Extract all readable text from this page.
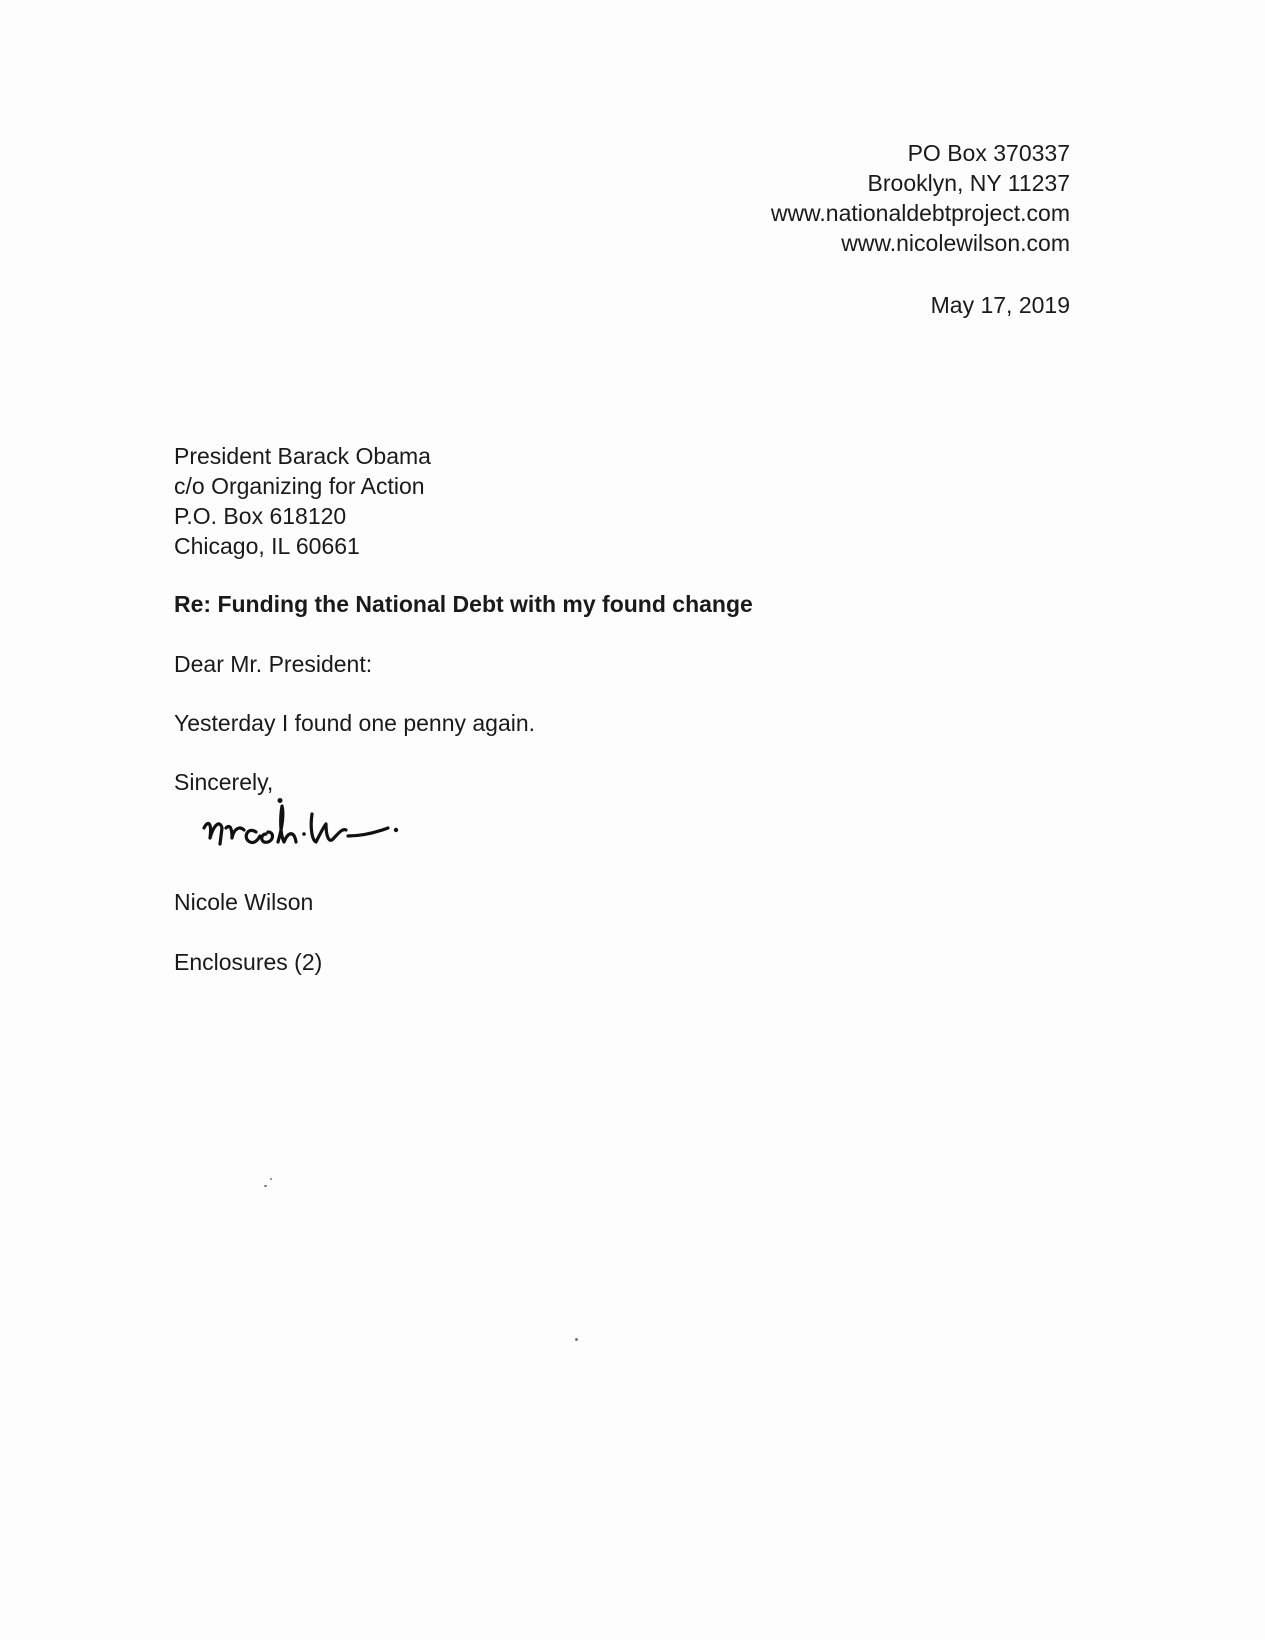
PO Box 370337
Brooklyn, NY 11237
www.nationaldebtproject.com
www.nicolewilson.com
May 17, 2019
President Barack Obama
c/o Organizing for Action
P.O. Box 618120
Chicago, IL 60661
Re: Funding the National Debt with my found change
Dear Mr. President:
Yesterday I found one penny again.
Sincerely,
Nicole Wilson
Enclosures (2)
